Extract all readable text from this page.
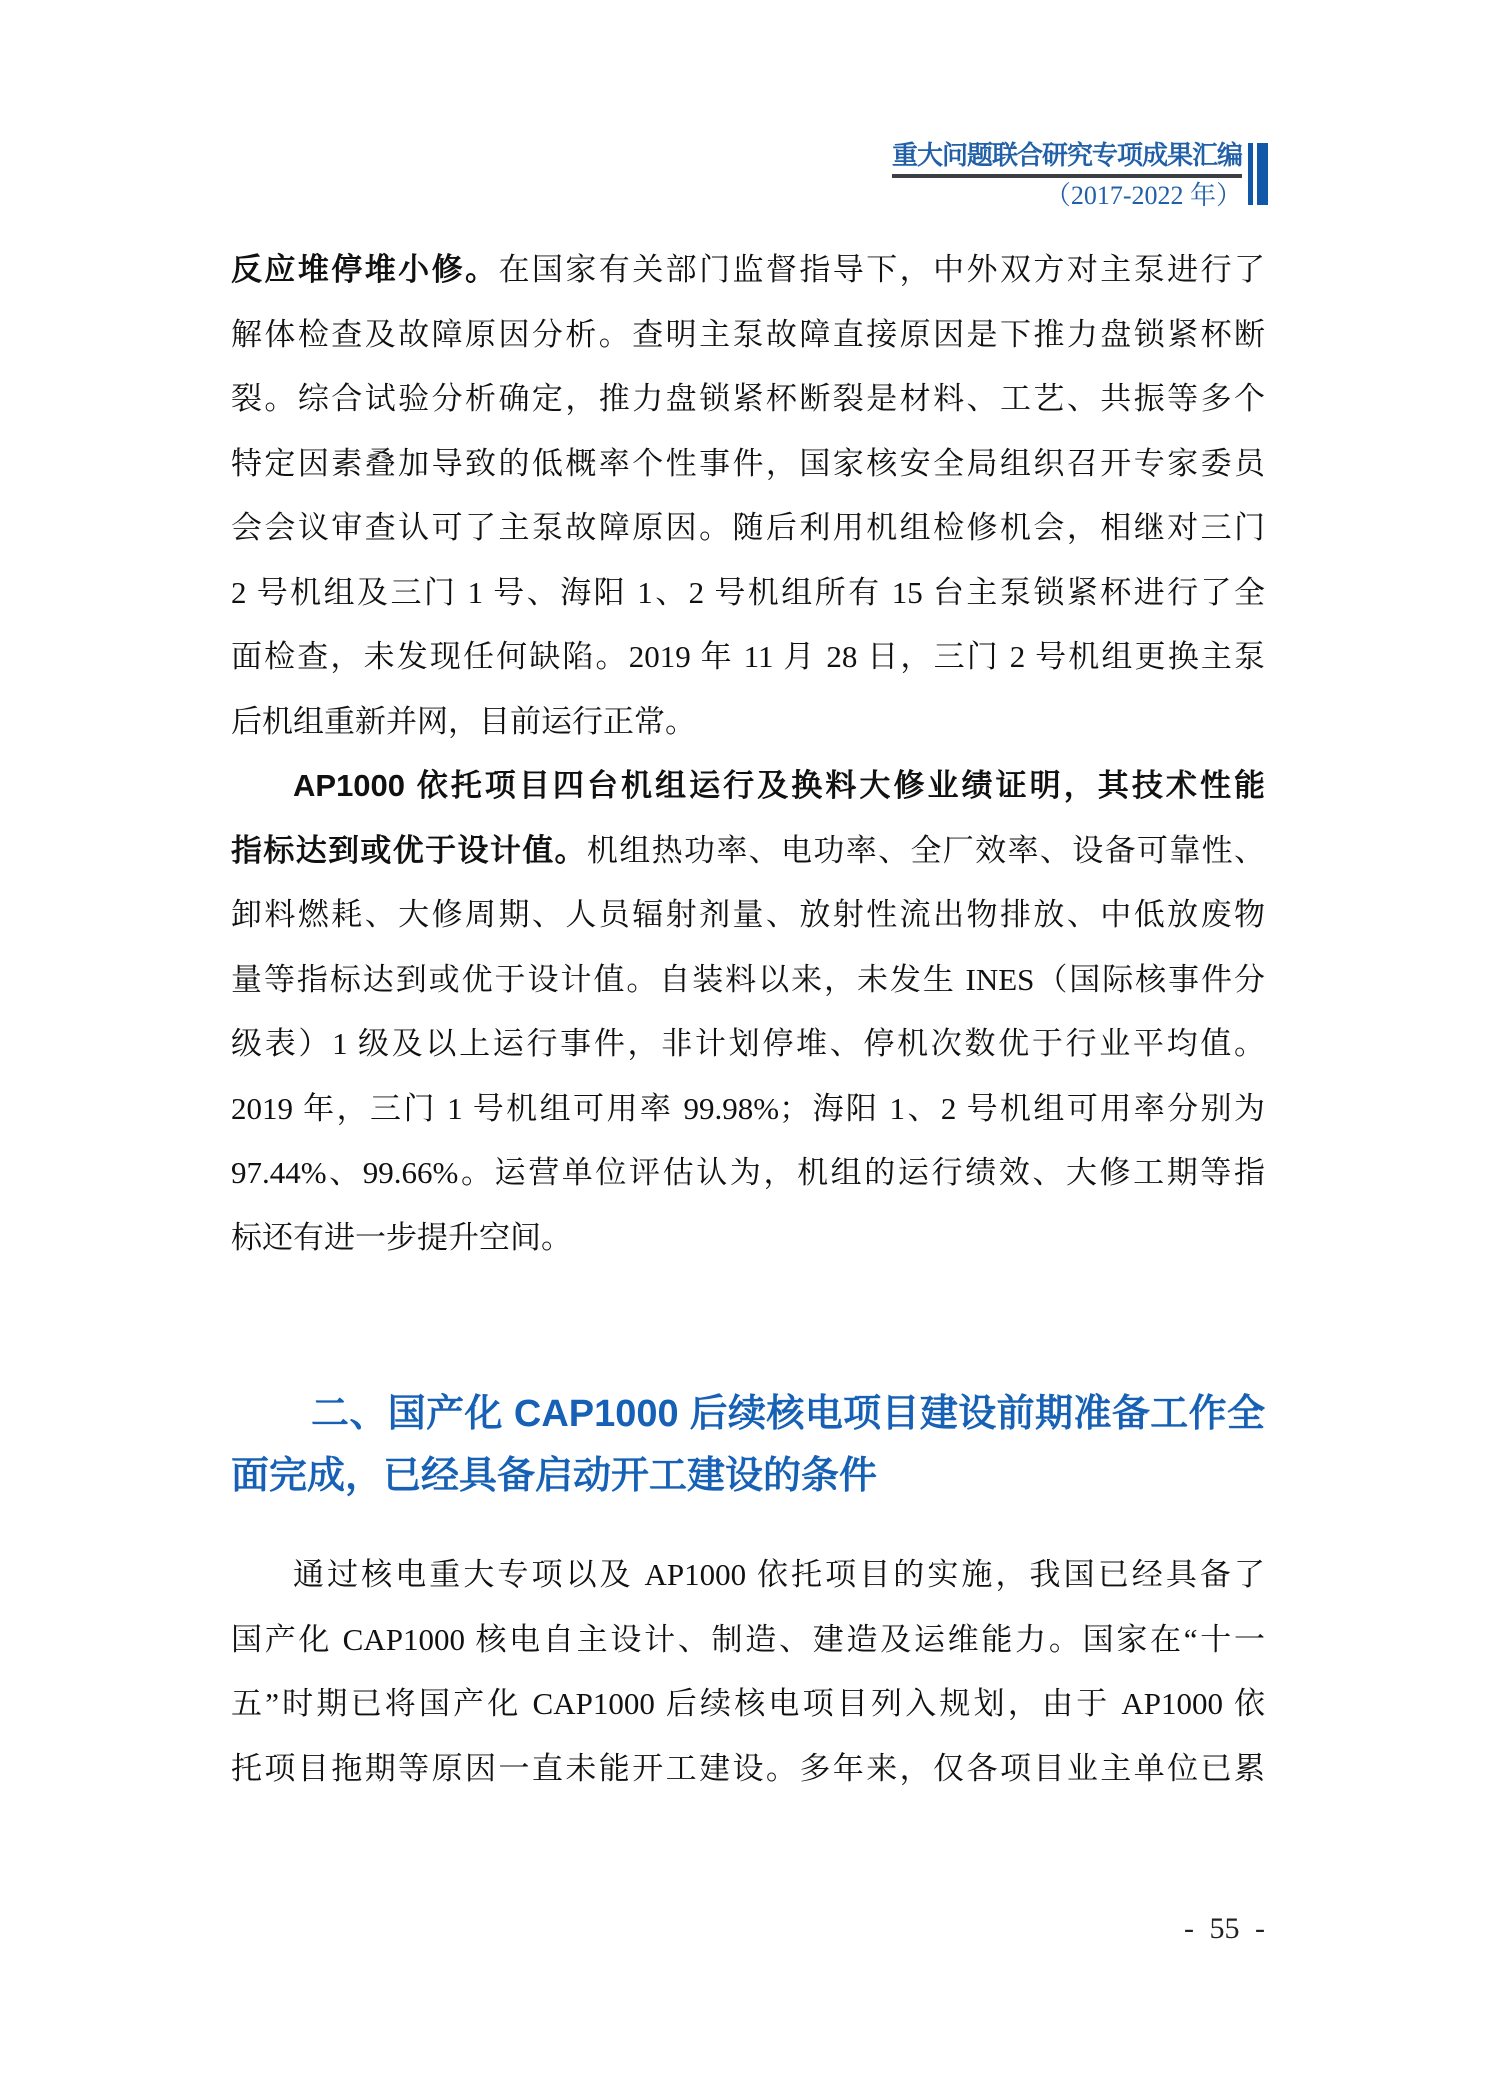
重大问题联合研究专项成果汇编
（2017-2022 年）
反应堆停堆小修。在国家有关部门监督指导下，中外双方对主泵进行了
解体检查及故障原因分析。查明主泵故障直接原因是下推力盘锁紧杯断
裂。综合试验分析确定，推力盘锁紧杯断裂是材料、工艺、共振等多个
特定因素叠加导致的低概率个性事件，国家核安全局组织召开专家委员
会会议审查认可了主泵故障原因。随后利用机组检修机会，相继对三门
2 号机组及三门 1 号、海阳 1、2 号机组所有 15 台主泵锁紧杯进行了全
面检查，未发现任何缺陷。2019 年 11 月 28 日，三门 2 号机组更换主泵
后机组重新并网，目前运行正常。
AP1000 依托项目四台机组运行及换料大修业绩证明，其技术性能
指标达到或优于设计值。机组热功率、电功率、全厂效率、设备可靠性、
卸料燃耗、大修周期、人员辐射剂量、放射性流出物排放、中低放废物
量等指标达到或优于设计值。自装料以来，未发生 INES（国际核事件分
级表）1 级及以上运行事件，非计划停堆、停机次数优于行业平均值。
2019 年，三门 1 号机组可用率 99.98%；海阳 1、2 号机组可用率分别为
97.44%、99.66%。运营单位评估认为，机组的运行绩效、大修工期等指
标还有进一步提升空间。
二、国产化 CAP1000 后续核电项目建设前期准备工作全
面完成，已经具备启动开工建设的条件
通过核电重大专项以及 AP1000 依托项目的实施，我国已经具备了
国产化 CAP1000 核电自主设计、制造、建造及运维能力。国家在“十一
五”时期已将国产化 CAP1000 后续核电项目列入规划，由于 AP1000 依
托项目拖期等原因一直未能开工建设。多年来，仅各项目业主单位已累
- 55 -
